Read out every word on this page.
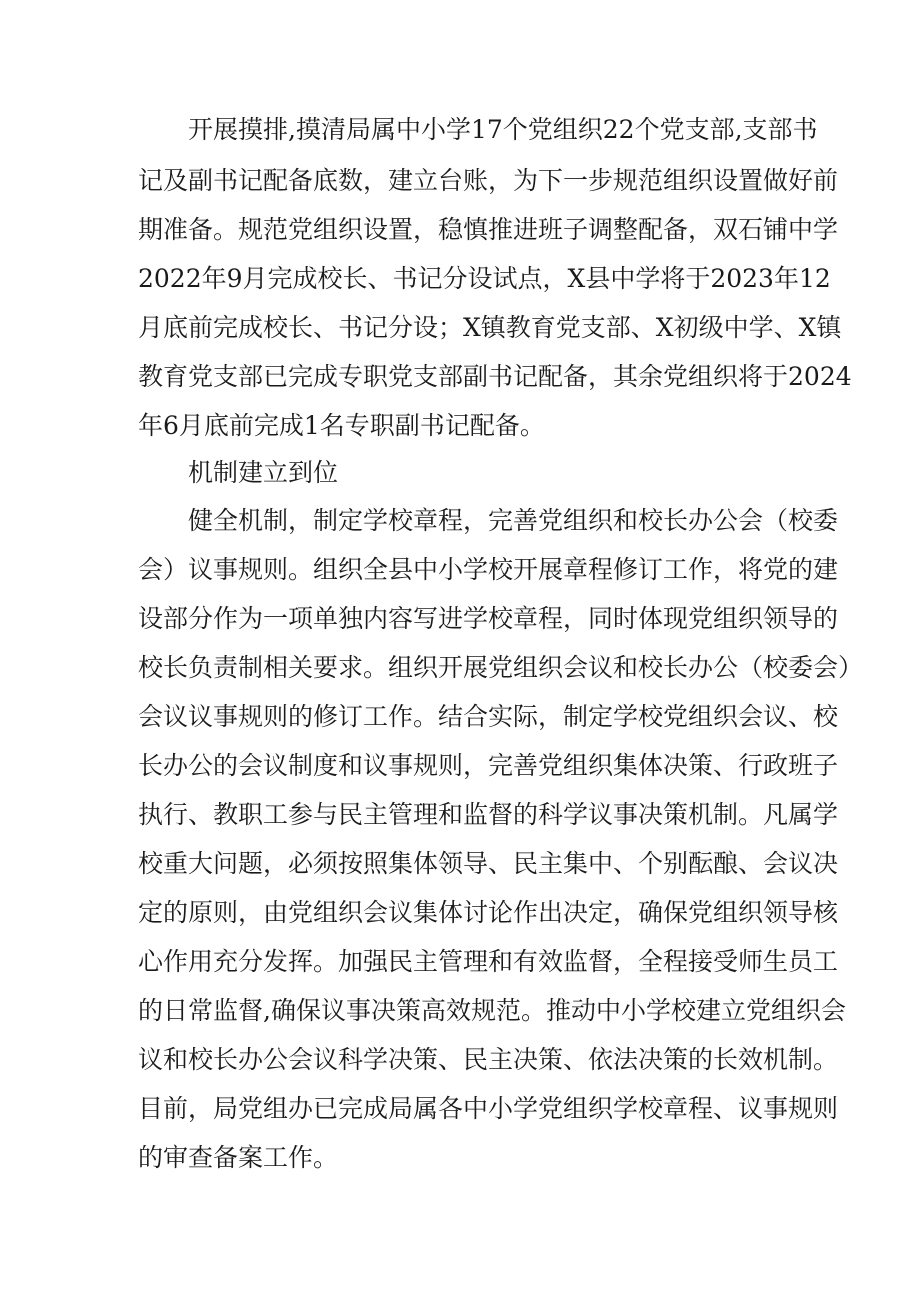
开展摸排,摸清局属中小学17个党组织22个党支部,支部书

记及副书记配备底数，建立台账，为下一步规范组织设置做好前

期准备。规范党组织设置，稳慎推进班子调整配备，双石铺中学

2022年9月完成校长、书记分设试点，X县中学将于2023年12

月底前完成校长、书记分设；X镇教育党支部、X初级中学、X镇

教育党支部已完成专职党支部副书记配备，其余党组织将于2024

年6月底前完成1名专职副书记配备。

机制建立到位

健全机制，制定学校章程，完善党组织和校长办公会（校委

会）议事规则。组织全县中小学校开展章程修订工作，将党的建

设部分作为一项单独内容写进学校章程，同时体现党组织领导的

校长负责制相关要求。组织开展党组织会议和校长办公（校委会）

会议议事规则的修订工作。结合实际，制定学校党组织会议、校

长办公的会议制度和议事规则，完善党组织集体决策、行政班子

执行、教职工参与民主管理和监督的科学议事决策机制。凡属学

校重大问题，必须按照集体领导、民主集中、个别酝酿、会议决

定的原则，由党组织会议集体讨论作出决定，确保党组织领导核

心作用充分发挥。加强民主管理和有效监督，全程接受师生员工

的日常监督,确保议事决策高效规范。推动中小学校建立党组织会

议和校长办公会议科学决策、民主决策、依法决策的长效机制。

目前，局党组办已完成局属各中小学党组织学校章程、议事规则

的审查备案工作。
